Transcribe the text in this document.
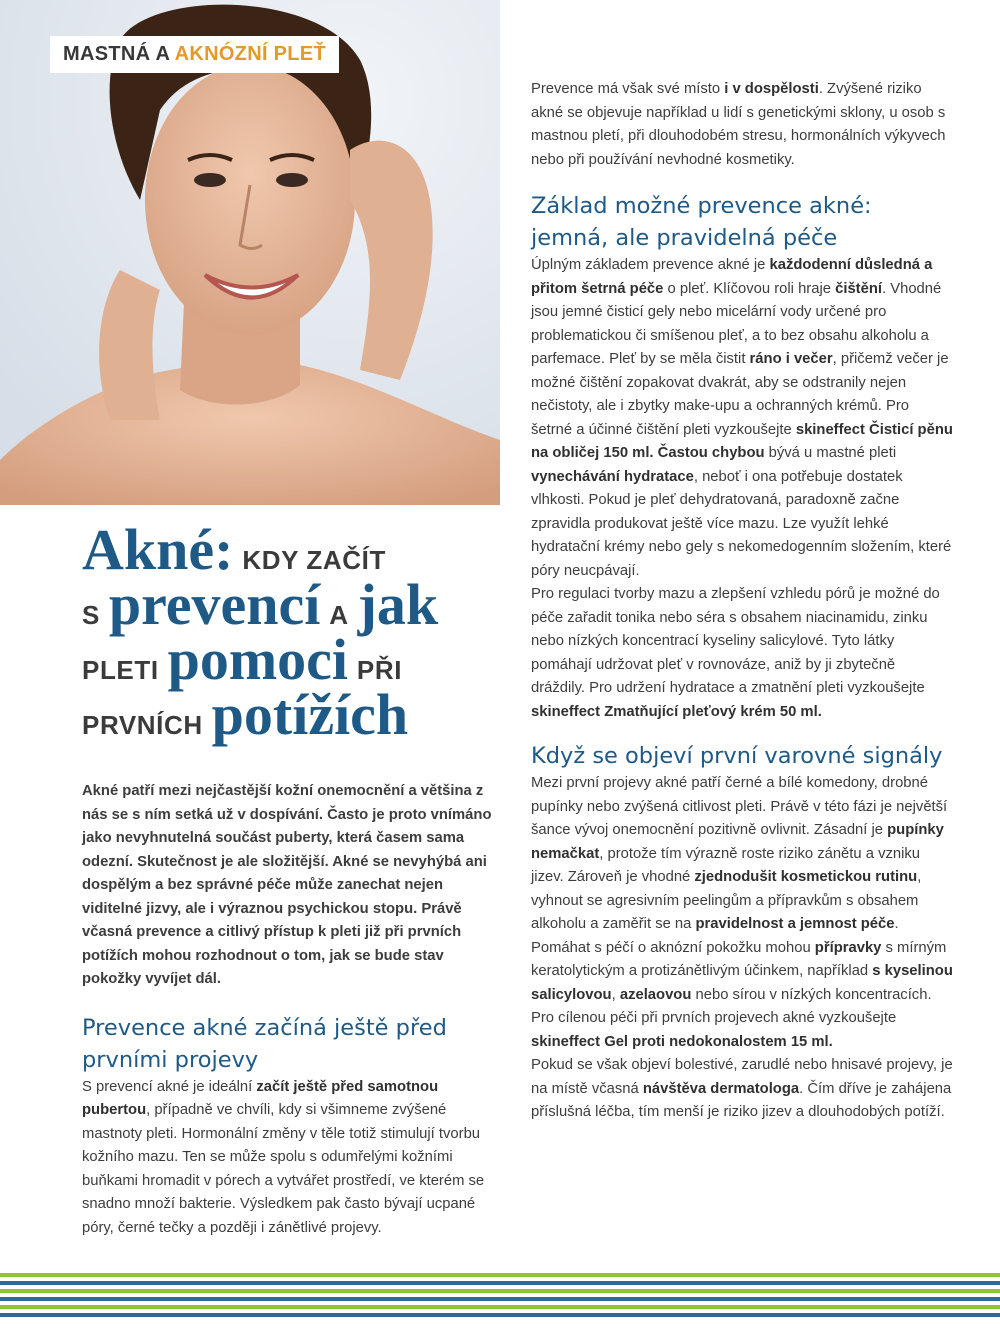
MASTNÁ A AKNÓZNÍ PLEŤ
Akné: KDY ZAČÍT
S prevencí A jak
PLETI pomoci PŘI
PRVNÍCH potížích

Akné patří mezi nejčastější kožní onemocnění a většina z nás se s ním setká už v dospívání. Často je proto vnímáno jako nevyhnutelná součást puberty, která časem sama odezní. Skutečnost je ale složitější. Akné se nevyhýbá ani dospělým a bez správné péče může zanechat nejen viditelné jizvy, ale i výraznou psychickou stopu. Právě včasná prevence a citlivý přístup k pleti již při prvních potížích mohou rozhodnout o tom, jak se bude stav pokožky vyvíjet dál.

Prevence akné začíná ještě před prvními projevy

S prevencí akné je ideální začít ještě před samotnou pubertou, případně ve chvíli, kdy si všimneme zvýšené mastnoty pleti. Hormonální změny v těle totiž stimulují tvorbu kožního mazu. Ten se může spolu s odumřelými kožními buňkami hromadit v pórech a vytvářet prostředí, ve kterém se snadno množí bakterie. Výsledkem pak často bývají ucpané póry, černé tečky a později i zánětlivé projevy.

Prevence má však své místo i v dospělosti. Zvýšené riziko akné se objevuje například u lidí s genetickými sklony, u osob s mastnou pletí, při dlouhodobém stresu, hormonálních výkyvech nebo při používání nevhodné kosmetiky.

Základ možné prevence akné: jemná, ale pravidelná péče

Úplným základem prevence akné je každodenní důsledná a přitom šetrná péče o pleť. Klíčovou roli hraje čištění. Vhodné jsou jemné čisticí gely nebo micelární vody určené pro problematickou či smíšenou pleť, a to bez obsahu alkoholu a parfemace. Pleť by se měla čistit ráno i večer, přičemž večer je možné čištění zopakovat dvakrát, aby se odstranily nejen nečistoty, ale i zbytky make-upu a ochranných krémů. Pro šetrné a účinné čištění pleti vyzkoušejte skineffect Čisticí pěnu na obličej 150 ml. Častou chybou bývá u mastné pleti vynechávání hydratace, neboť i ona potřebuje dostatek vlhkosti. Pokud je pleť dehydratovaná, paradoxně začne zpravidla produkovat ještě více mazu. Lze využít lehké hydratační krémy nebo gely s nekomedogenním složením, které póry neucpávají.

Pro regulaci tvorby mazu a zlepšení vzhledu pórů je možné do péče zařadit tonika nebo séra s obsahem niacinamidu, zinku nebo nízkých koncentrací kyseliny salicylové. Tyto látky pomáhají udržovat pleť v rovnováze, aniž by ji zbytečně dráždily. Pro udržení hydratace a zmatnění pleti vyzkoušejte skineffect Zmatňující pleťový krém 50 ml.

Když se objeví první varovné signály

Mezi první projevy akné patří černé a bílé komedony, drobné pupínky nebo zvýšená citlivost pleti. Právě v této fázi je největší šance vývoj onemocnění pozitivně ovlivnit. Zásadní je pupínky nemačkat, protože tím výrazně roste riziko zánětu a vzniku jizev. Zároveň je vhodné zjednodušit kosmetickou rutinu, vyhnout se agresivním peelingům a přípravkům s obsahem alkoholu a zaměřit se na pravidelnost a jemnost péče.

Pomáhat s péčí o aknózní pokožku mohou přípravky s mírným keratolytickým a protizánětlivým účinkem, například s kyselinou salicylovou, azelaovou nebo sírou v nízkých koncentracích. Pro cílenou péči při prvních projevech akné vyzkoušejte skineffect Gel proti nedokonalostem 15 ml.

Pokud se však objeví bolestivé, zarudlé nebo hnisavé projevy, je na místě včasná návštěva dermatologa. Čím dříve je zahájena příslušná léčba, tím menší je riziko jizev a dlouhodobých potíží.
